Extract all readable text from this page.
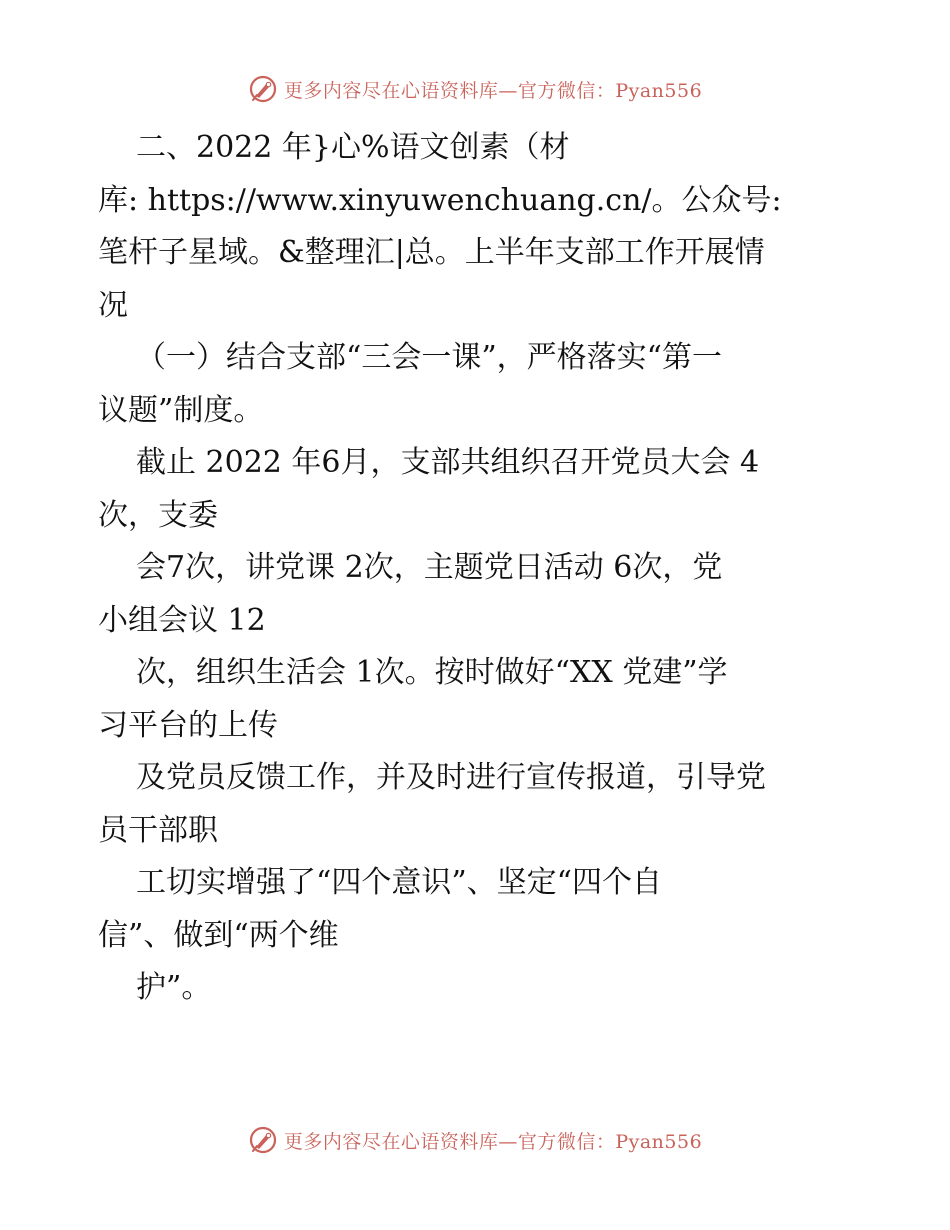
更多内容尽在心语资料库—官方微信：Pyan556
二、2022 年}心%语文创素（材
库: https://www.xinyuwenchuang.cn/。公众号:
笔杆子星域。&整理汇|总。上半年支部工作开展情
况
（一）结合支部“三会一课”，严格落实“第一
议题”制度。
截止 2022 年6月，支部共组织召开党员大会 4
次，支委
会7次，讲党课 2次，主题党日活动 6次，党
小组会议 12
次，组织生活会 1次。按时做好“XX 党建”学
习平台的上传
及党员反馈工作，并及时进行宣传报道，引导党
员干部职
工切实增强了“四个意识”、坚定“四个自
信”、做到“两个维
护”。
更多内容尽在心语资料库—官方微信：Pyan556
